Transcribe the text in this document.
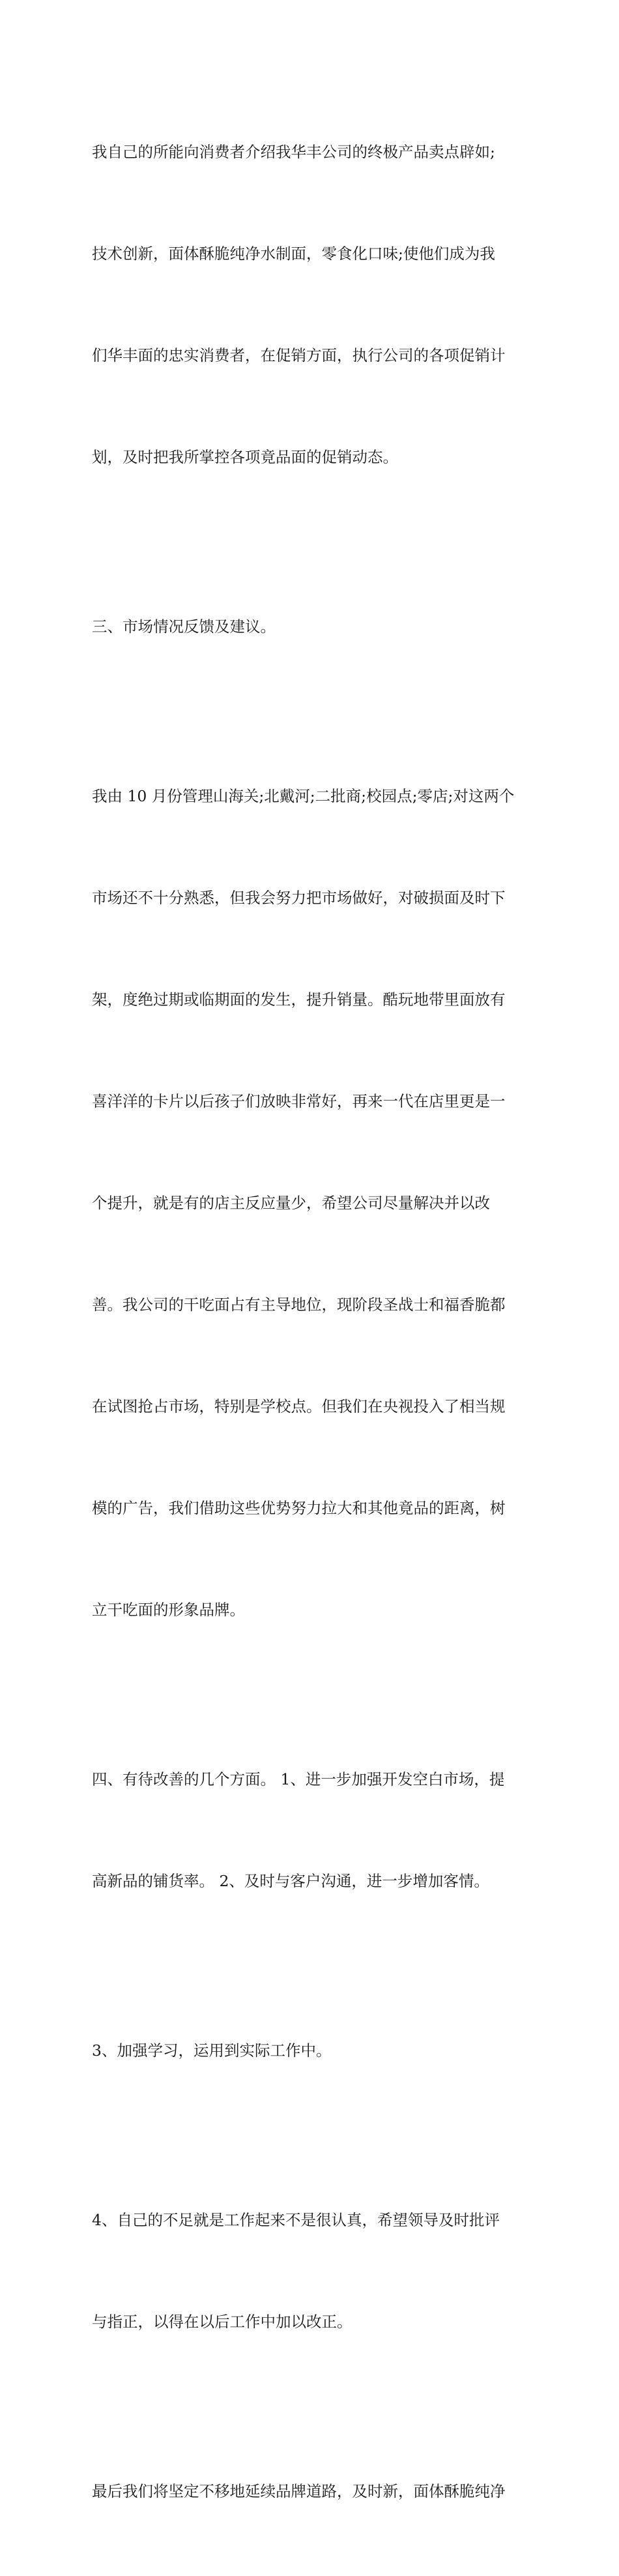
我自己的所能向消费者介绍我华丰公司的终极产品卖点辟如;

技术创新，面体酥脆纯净水制面，零食化口味;使他们成为我

们华丰面的忠实消费者，在促销方面，执行公司的各项促销计

划，及时把我所掌控各项竟品面的促销动态。

三、市场情况反馈及建议。

我由 10 月份管理山海关;北戴河;二批商;校园点;零店;对这两个

市场还不十分熟悉，但我会努力把市场做好，对破损面及时下

架，度绝过期或临期面的发生，提升销量。酷玩地带里面放有

喜洋洋的卡片以后孩子们放映非常好，再来一代在店里更是一

个提升，就是有的店主反应量少，希望公司尽量解决并以改

善。我公司的干吃面占有主导地位，现阶段圣战士和福香脆都

在试图抢占市场，特别是学校点。但我们在央视投入了相当规

模的广告，我们借助这些优势努力拉大和其他竟品的距离，树

立干吃面的形象品牌。

四、有待改善的几个方面。 1、进一步加强开发空白市场，提

高新品的铺货率。 2、及时与客户沟通，进一步增加客情。

3、加强学习，运用到实际工作中。

4、自己的不足就是工作起来不是很认真，希望领导及时批评

与指正，以得在以后工作中加以改正。

最后我们将坚定不移地延续品牌道路，及时新，面体酥脆纯净
